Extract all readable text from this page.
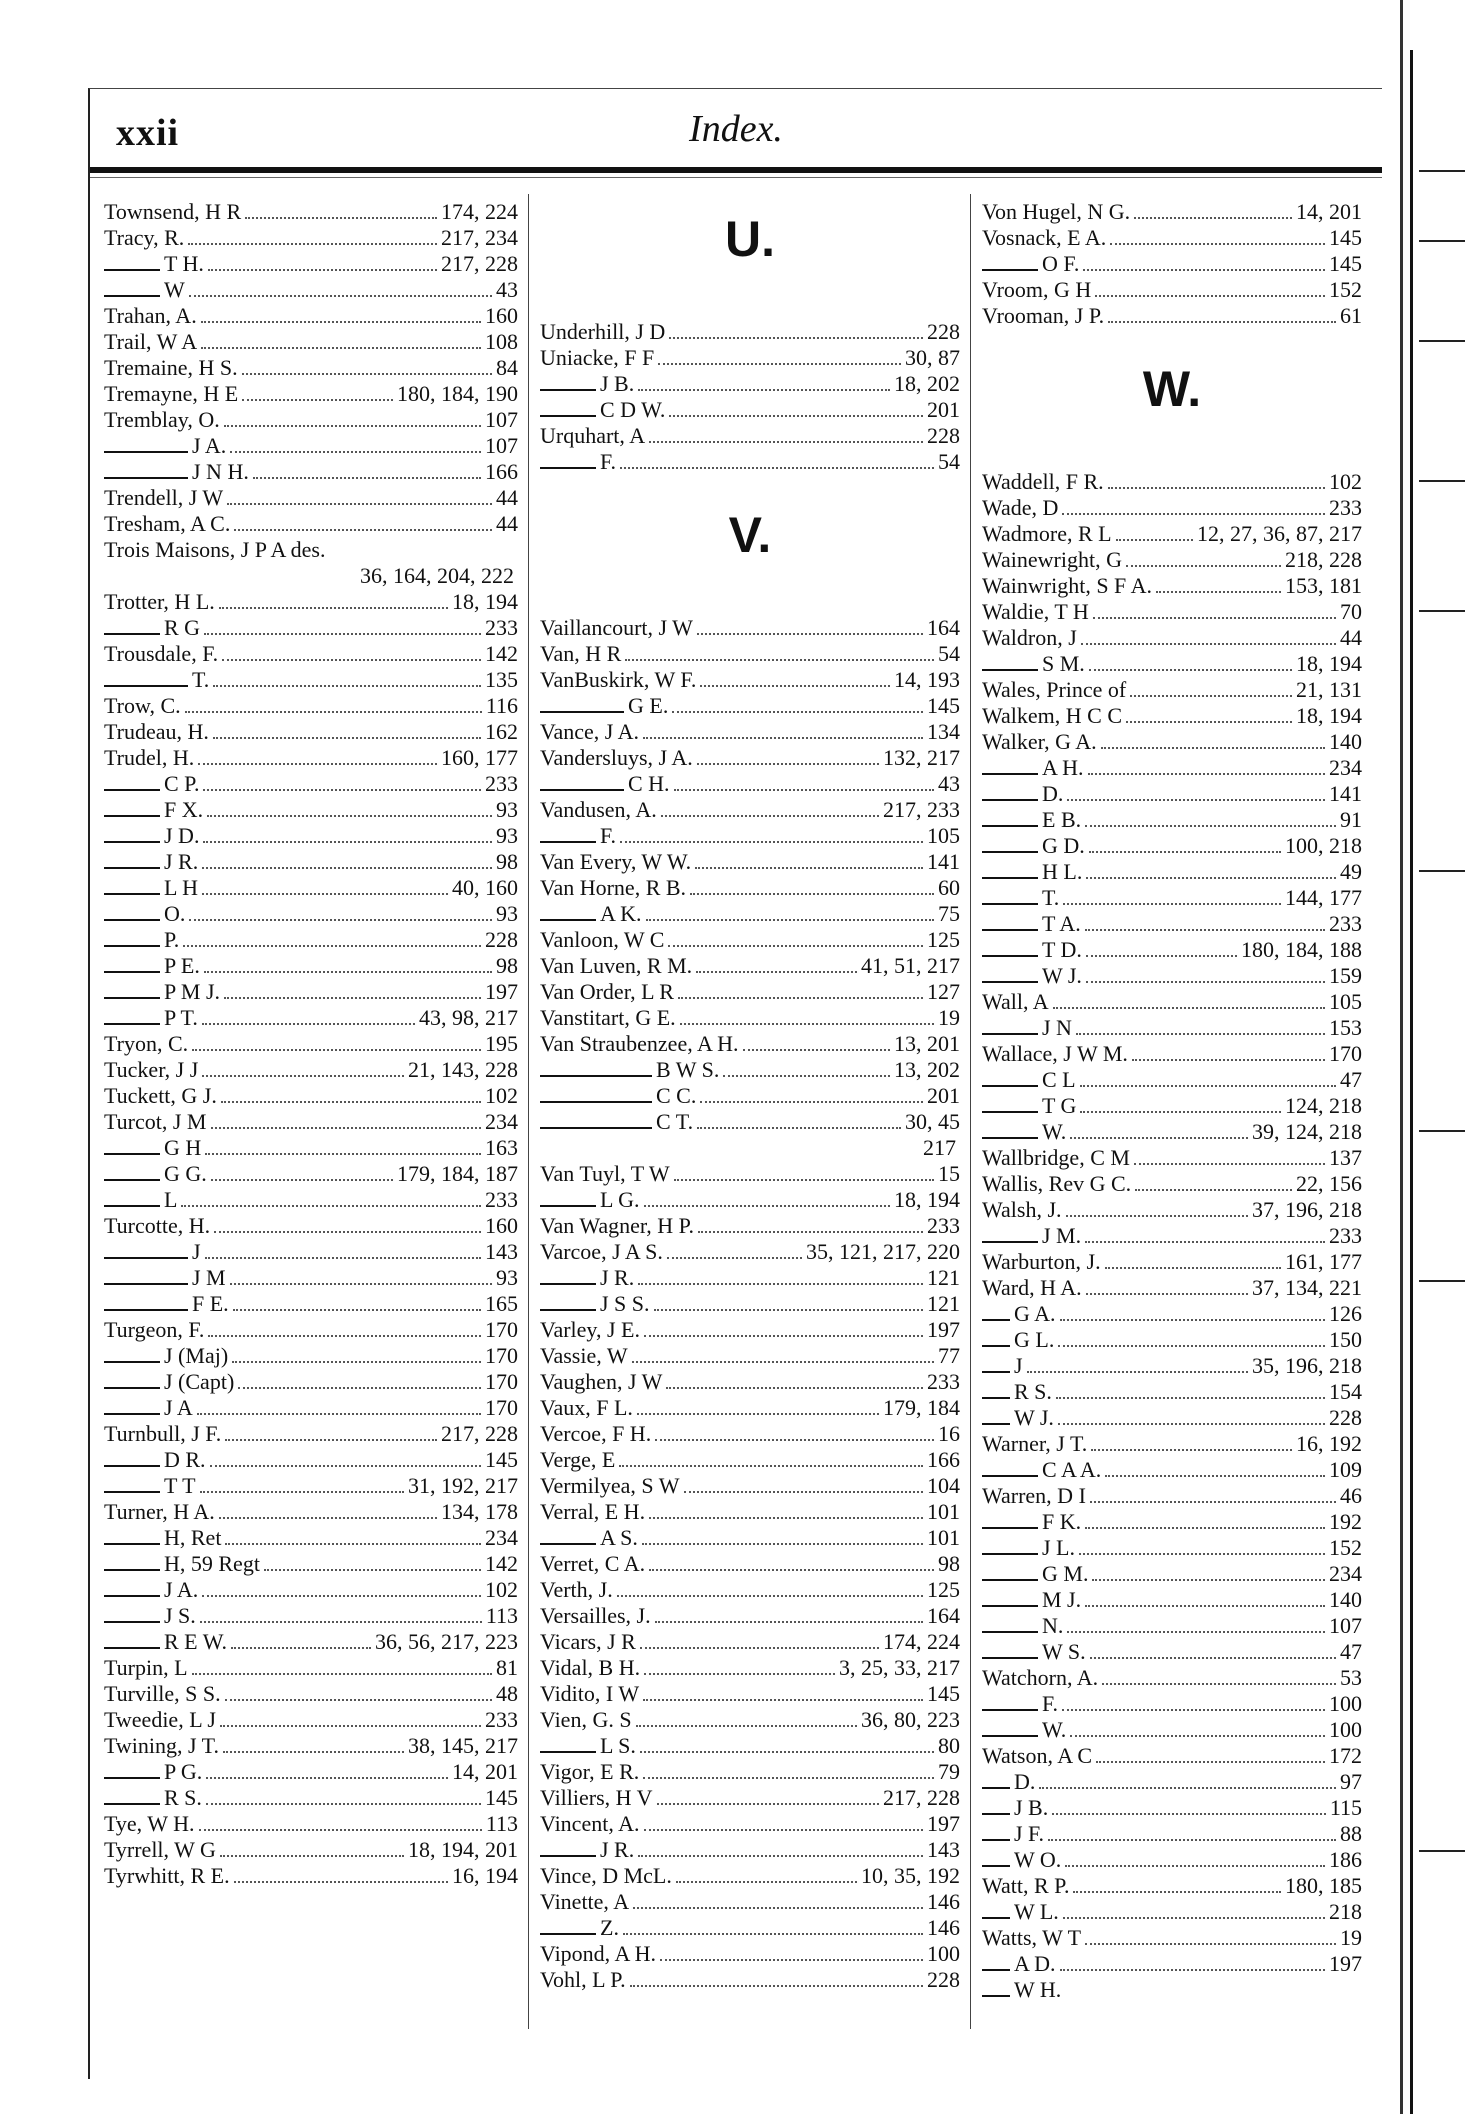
xxii	Index.
Townsend, H R	174, 224
Tracy, R.	217, 234
T H.	217, 228
W	43
Trahan, A.	160
Trail, W A	108
Tremaine, H S.	84
Tremayne, H E	180, 184, 190
Tremblay, O.	107
J A.	107
J N H.	166
Trendell, J W	44
Tresham, A C.	44
Trois Maisons, J P A des.
36, 164, 204, 222
Trotter, H L.	18, 194
R G	233
Trousdale, F.	142
T.	135
Trow, C.	116
Trudeau, H.	162
Trudel, H.	160, 177
C P.	233
F X.	93
J D.	93
J R.	98
L H	40, 160
O.	93
P.	228
P E.	98
P M J.	197
P T.	43, 98, 217
Tryon, C.	195
Tucker, J J	21, 143, 228
Tuckett, G J.	102
Turcot, J M	234
G H	163
G G.	179, 184, 187
L	233
Turcotte, H.	160
J	143
J M	93
F E.	165
Turgeon, F.	170
J (Maj)	170
J (Capt)	170
J A	170
Turnbull, J F.	217, 228
D R.	145
T T	31, 192, 217
Turner, H A.	134, 178
H, Ret	234
H, 59 Regt	142
J A.	102
J S.	113
R E W.	36, 56, 217, 223
Turpin, L	81
Turville, S S.	48
Tweedie, L J	233
Twining, J T.	38, 145, 217
P G.	14, 201
R S.	145
Tye, W H.	113
Tyrrell, W G	18, 194, 201
Tyrwhitt, R E.	16, 194
U.
Underhill, J D	228
Uniacke, F F	30, 87
J B.	18, 202
C D W.	201
Urquhart, A	228
F.	54
V.
Vaillancourt, J W	164
Van, H R	54
VanBuskirk, W F.	14, 193
G E.	145
Vance, J A.	134
Vandersluys, J A.	132, 217
C H.	43
Vandusen, A.	217, 233
F.	105
Van Every, W W.	141
Van Horne, R B.	60
A K.	75
Vanloon, W C	125
Van Luven, R M.	41, 51, 217
Van Order, L R	127
Vanstitart, G E.	19
Van Straubenzee, A H.	13, 201
B W S.	13, 202
C C.	201
C T.	30, 45
217
Van Tuyl, T W	15
L G.	18, 194
Van Wagner, H P.	233
Varcoe, J A S.	35, 121, 217, 220
J R.	121
J S S.	121
Varley, J E.	197
Vassie, W	77
Vaughen, J W	233
Vaux, F L.	179, 184
Vercoe, F H.	16
Verge, E	166
Vermilyea, S W	104
Verral, E H.	101
A S.	101
Verret, C A.	98
Verth, J.	125
Versailles, J.	164
Vicars, J R	174, 224
Vidal, B H.	3, 25, 33, 217
Vidito, I W	145
Vien, G. S	36, 80, 223
L S.	80
Vigor, E R.	79
Villiers, H V	217, 228
Vincent, A.	197
J R.	143
Vince, D McL.	10, 35, 192
Vinette, A	146
Z.	146
Vipond, A H.	100
Vohl, L P.	228
Von Hugel, N G.	14, 201
Vosnack, E A.	145
O F.	145
Vroom, G H	152
Vrooman, J P.	61
W.
Waddell, F R.	102
Wade, D	233
Wadmore, R L	12, 27, 36, 87, 217
Wainewright, G	218, 228
Wainwright, S F A.	153, 181
Waldie, T H	70
Waldron, J	44
S M.	18, 194
Wales, Prince of	21, 131
Walkem, H C C	18, 194
Walker, G A.	140
A H.	234
D.	141
E B.	91
G D.	100, 218
H L.	49
T.	144, 177
T A.	233
T D.	180, 184, 188
W J.	159
Wall, A	105
J N	153
Wallace, J W M.	170
C L	47
T G	124, 218
W.	39, 124, 218
Wallbridge, C M	137
Wallis, Rev G C.	22, 156
Walsh, J.	37, 196, 218
J M.	233
Warburton, J.	161, 177
Ward, H A.	37, 134, 221
G A.	126
G L.	150
J	35, 196, 218
R S.	154
W J.	228
Warner, J T.	16, 192
C A A.	109
Warren, D I	46
F K.	192
J L.	152
G M.	234
M J.	140
N.	107
W S.	47
Watchorn, A.	53
F.	100
W.	100
Watson, A C	172
D.	97
J B.	115
J F.	88
W O.	186
Watt, R P.	180, 185
W L.	218
Watts, W T	19
A D.	197
W H.
